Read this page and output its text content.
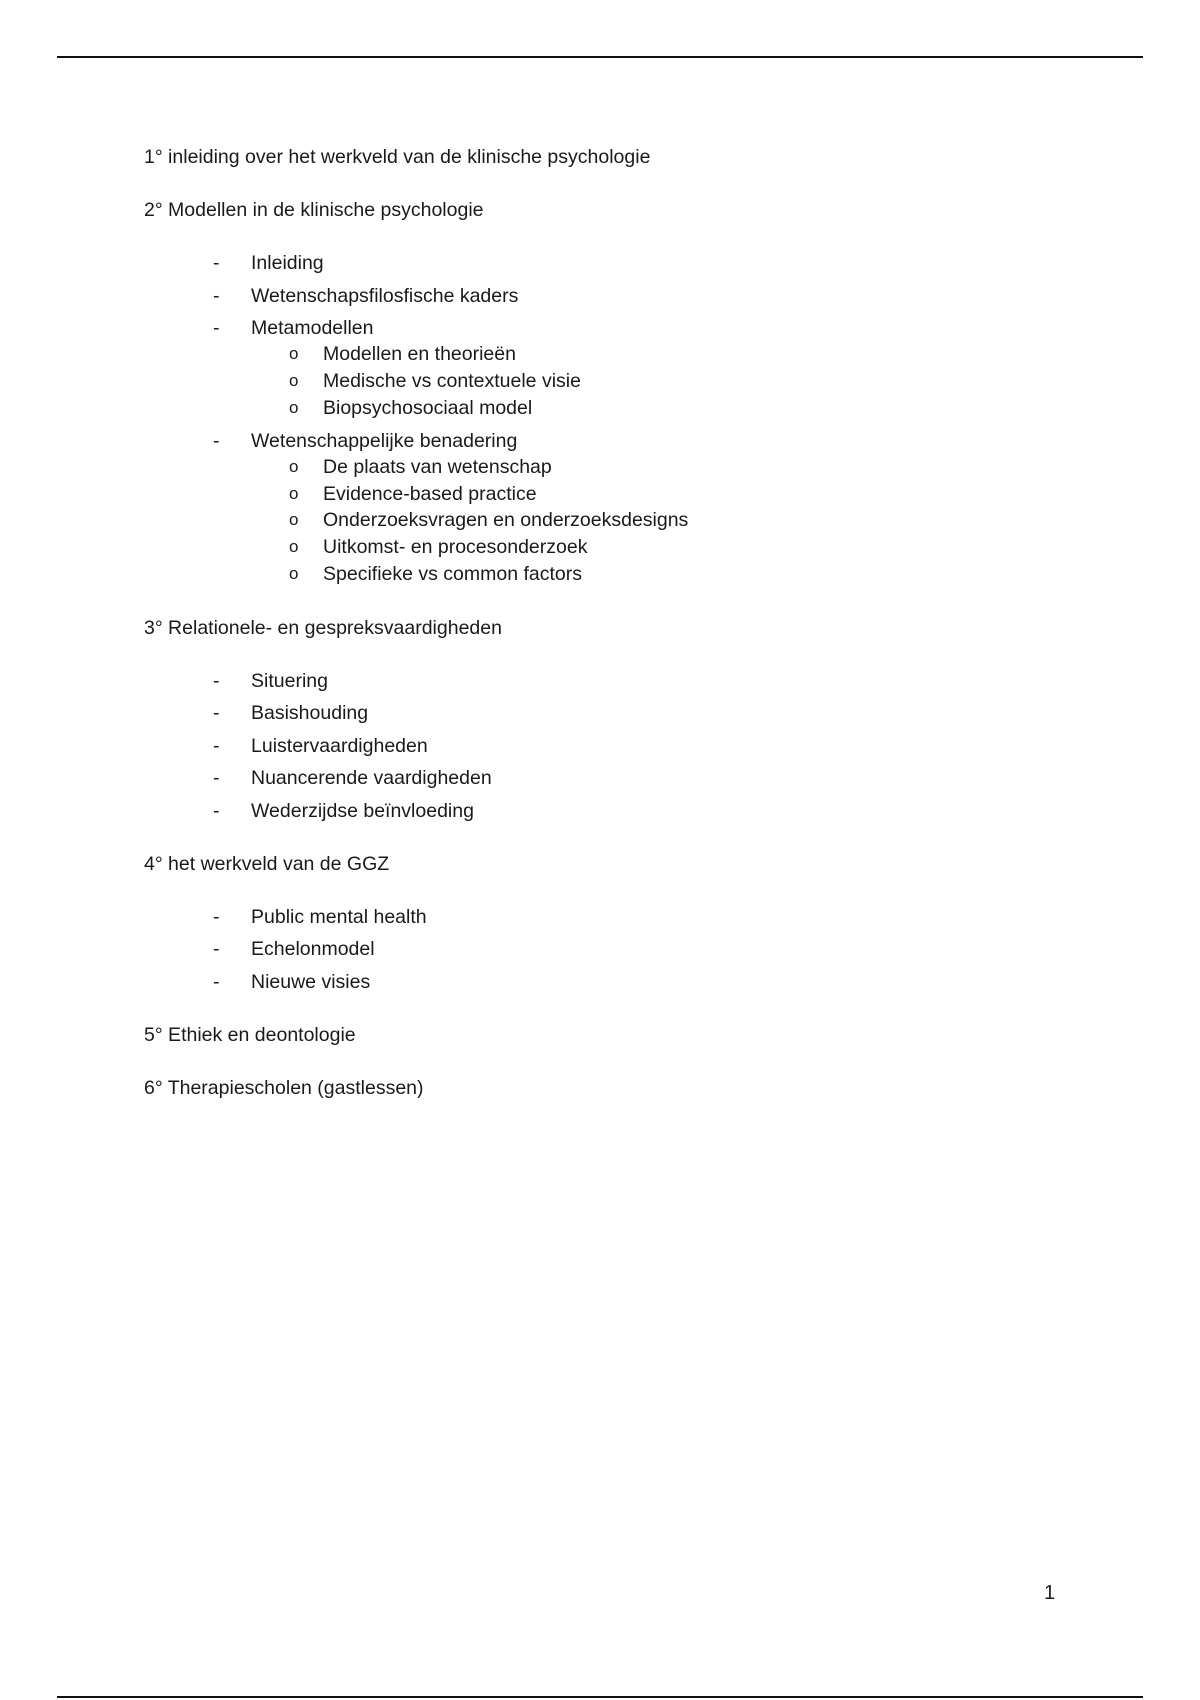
1° inleiding over het werkveld van de klinische psychologie

2° Modellen in de klinische psychologie

- Inleiding
- Wetenschapsfilosfische kaders
- Metamodellen
o Modellen en theorieën
o Medische vs contextuele visie
o Biopsychosociaal model
- Wetenschappelijke benadering
o De plaats van wetenschap
o Evidence-based practice
o Onderzoeksvragen en onderzoeksdesigns
o Uitkomst- en procesonderzoek
o Specifieke vs common factors

3° Relationele- en gespreksvaardigheden

- Situering
- Basishouding
- Luistervaardigheden
- Nuancerende vaardigheden
- Wederzijdse beïnvloeding

4° het werkveld van de GGZ

- Public mental health
- Echelonmodel
- Nieuwe visies

5° Ethiek en deontologie

6° Therapiescholen (gastlessen)

1
